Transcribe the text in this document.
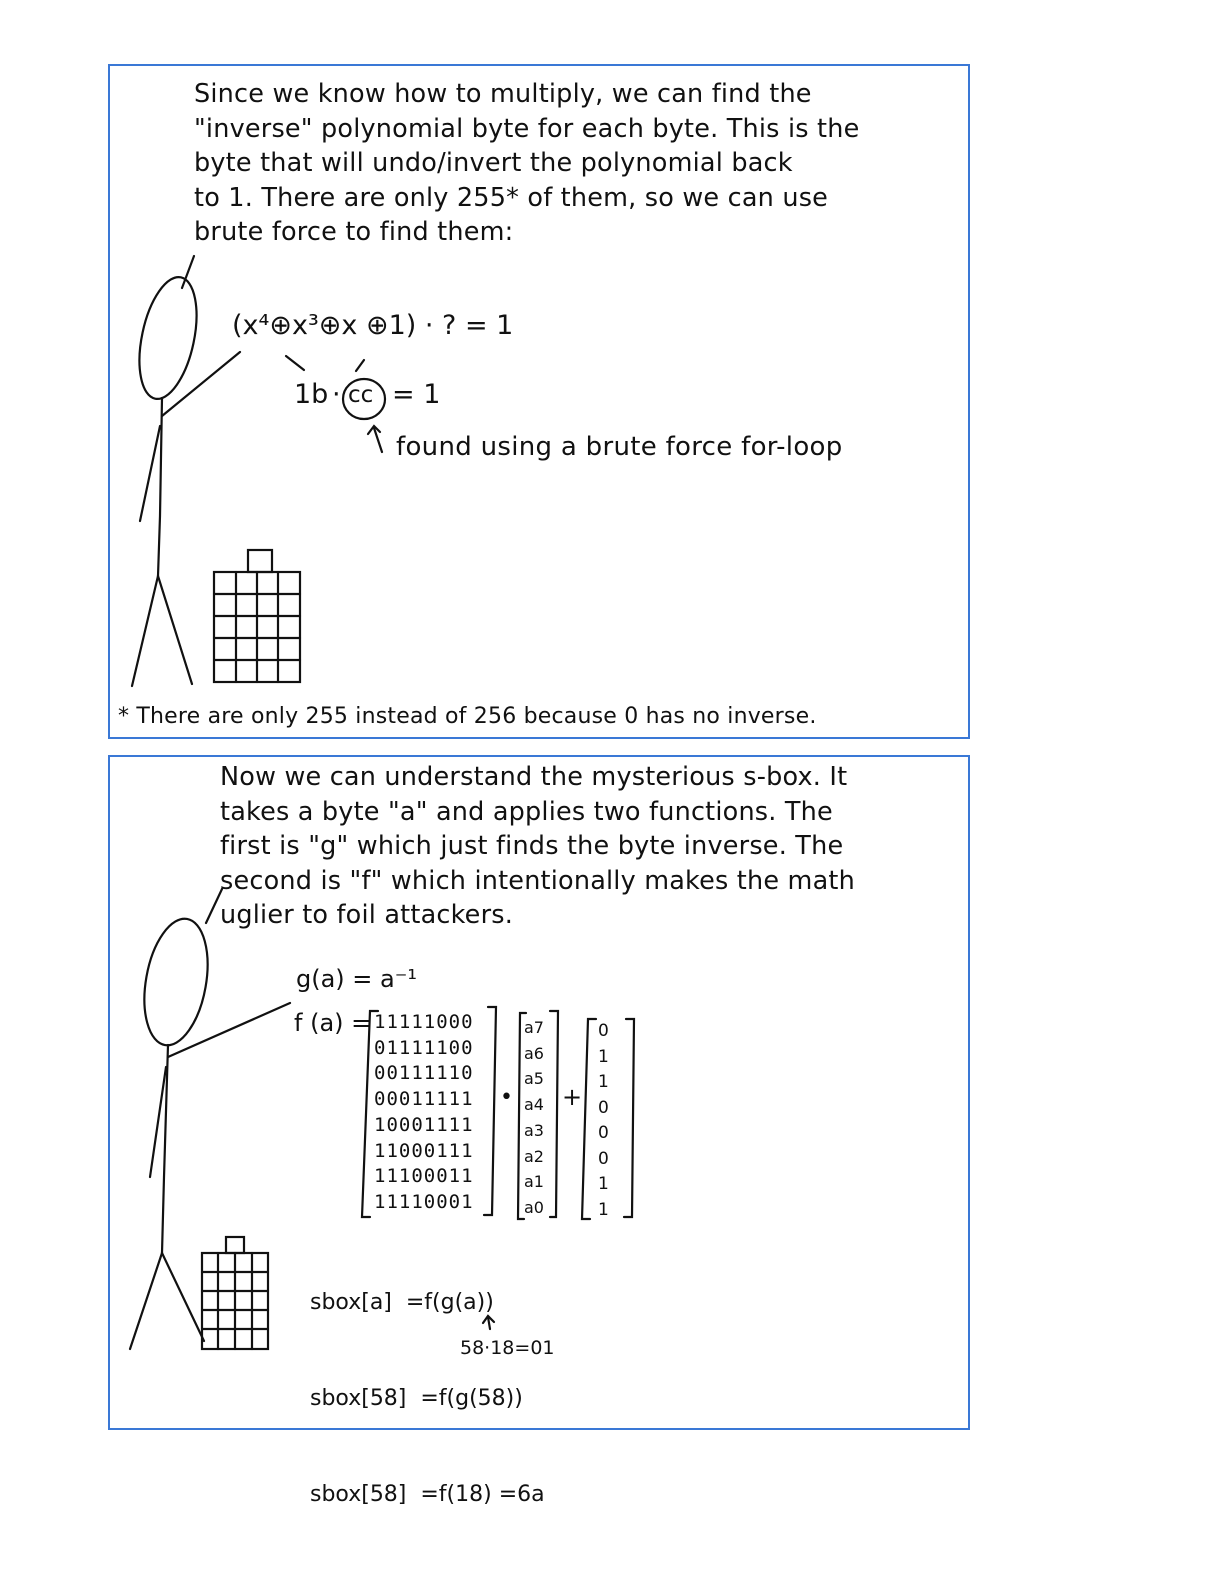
Since we know how to multiply, we can find the
"inverse" polynomial byte for each byte. This is the
byte that will undo/invert the polynomial back
to 1. There are only 255* of them, so we can use
brute force to find them:
(x⁴⊕x³⊕x ⊕1) · ? = 1
1b · cc = 1
found using a brute force for-loop
* There are only 255 instead of 256 because 0 has no inverse.
Now we can understand the mysterious s-box. It
takes a byte "a" and applies two functions. The
first is "g" which just finds the byte inverse. The
second is "f" which intentionally makes the math
uglier to foil attackers.
g(a) = a⁻¹
f (a) = 11111000
01111100
00111110
00011111
10001111
11000111
11100011
11110001
•
a7
a6
a5
a4
a3
a2
a1
a0
+
0
1
1
0
0
0
1
1

sbox[a]  =f(g(a))

sbox[58]  =f(g(58))

sbox[58]  =f(18) =6a

58·18=01
